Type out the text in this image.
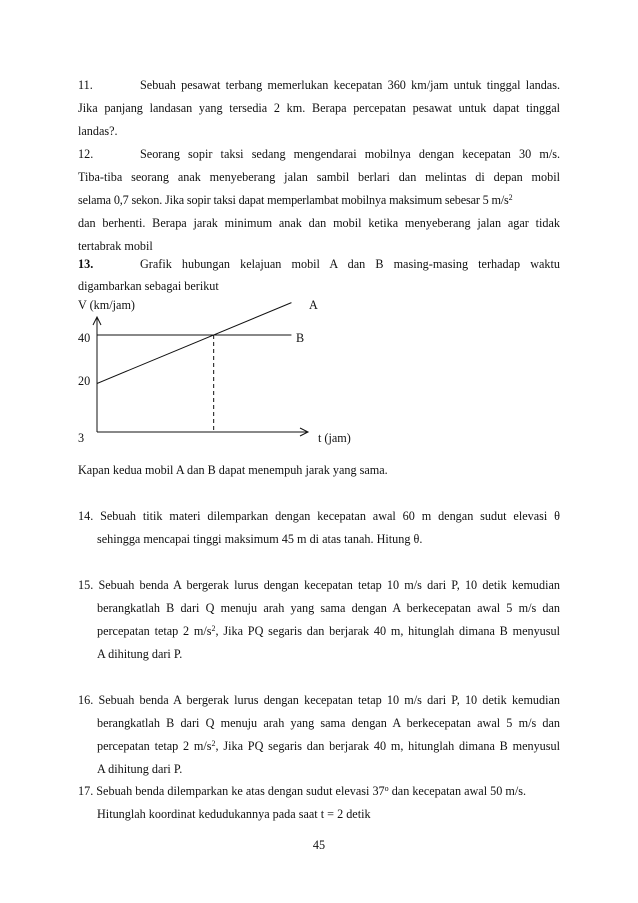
11.	Sebuah pesawat terbang memerlukan kecepatan 360 km/jam untuk tinggal landas.
Jika panjang landasan yang tersedia 2 km. Berapa percepatan pesawat untuk dapat tinggal
landas?.
12.	Seorang sopir taksi sedang mengendarai mobilnya dengan kecepatan 30 m/s.
Tiba-tiba seorang anak menyeberang jalan sambil berlari dan melintas di depan mobil
selama 0,7 sekon. Jika sopir taksi dapat memperlambat mobilnya maksimum sebesar 5 $m/s^2$
dan berhenti. Berapa jarak minimum anak dan mobil ketika menyeberang jalan agar tidak
tertabrak mobil
13.	Grafik hubungan kelajuan mobil A dan B masing-masing terhadap waktu
digambarkan sebagai berikut
V (km/jam)	A
40	B
20
3	t (jam)
Kapan kedua mobil A dan B dapat menempuh jarak yang sama.
14. Sebuah titik materi dilemparkan dengan kecepatan awal 60 m dengan sudut elevasi θ
sehingga mencapai tinggi maksimum 45 m di atas tanah. Hitung θ.
15. Sebuah benda A bergerak lurus dengan kecepatan tetap 10 m/s dari P, 10 detik kemudian
berangkatlah B dari Q menuju arah yang sama dengan A berkecepatan awal 5 m/s dan
percepatan tetap 2 $m/s^2$, Jika PQ segaris dan berjarak 40 m, hitunglah dimana B menyusul
A dihitung dari P.
16. Sebuah benda A bergerak lurus dengan kecepatan tetap 10 m/s dari P, 10 detik kemudian
berangkatlah B dari Q menuju arah yang sama dengan A berkecepatan awal 5 m/s dan
percepatan tetap 2 $m/s^2$, Jika PQ segaris dan berjarak 40 m, hitunglah dimana B menyusul
A dihitung dari P.
17. Sebuah benda dilemparkan ke atas dengan sudut elevasi 37$^o$ dan kecepatan awal 50 m/s.
Hitunglah koordinat kedudukannya pada saat t = 2 detik
45
